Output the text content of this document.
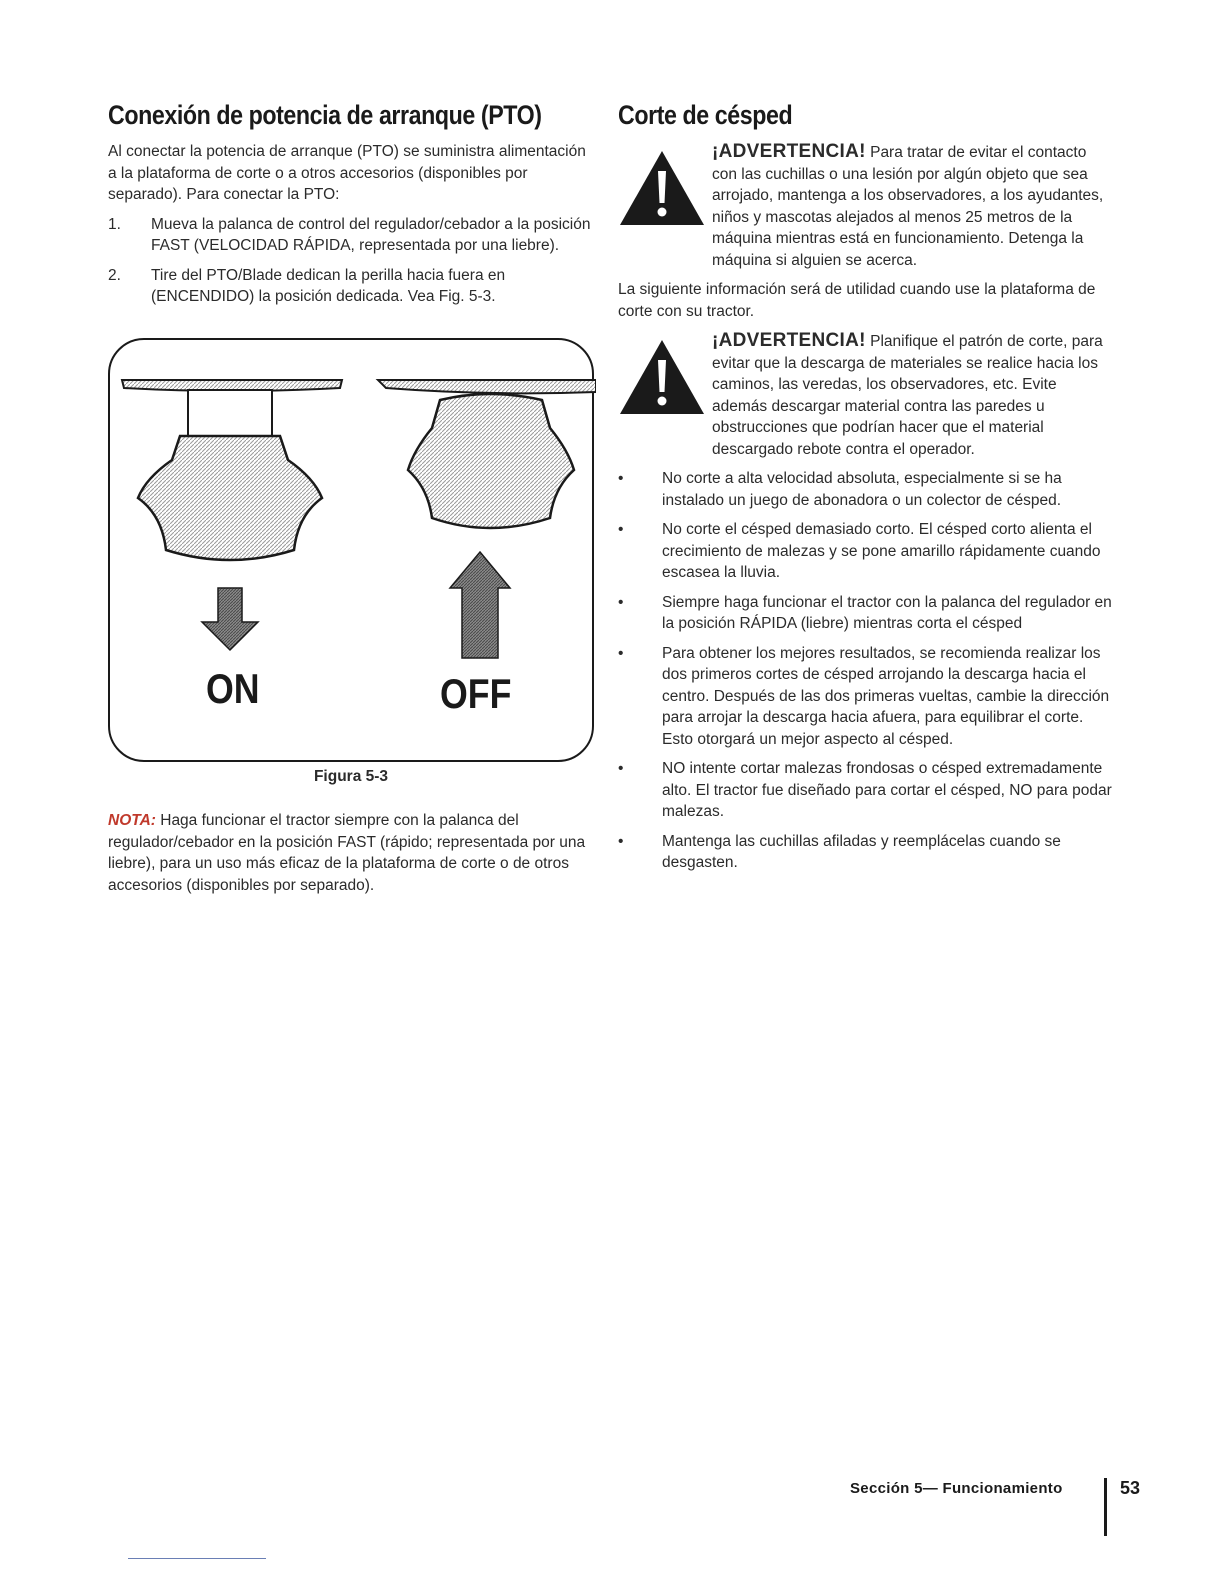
Conexión de potencia de arranque (PTO)

Al conectar la potencia de arranque (PTO) se suministra alimentación a la plataforma de corte o a otros accesorios (disponibles por separado). Para conectar la PTO:

1. Mueva la palanca de control del regulador/cebador a la posición FAST (VELOCIDAD RÁPIDA, representada por una liebre).
2. Tire del PTO/Blade dedican la perilla hacia fuera en (ENCENDIDO) la posición dedicada. Vea Fig. 5-3.
ON	OFF
Figura 5-3

NOTA: Haga funcionar el tractor siempre con la palanca del regulador/cebador en la posición FAST (rápido; representada por una liebre), para un uso más eficaz de la plataforma de corte o de otros accesorios (disponibles por separado).

Corte de césped

¡ADVERTENCIA! Para tratar de evitar el contacto con las cuchillas o una lesión por algún objeto que sea arrojado, mantenga a los observadores, a los ayudantes, niños y mascotas alejados al menos 25 metros de la máquina mientras está en funcionamiento. Detenga la máquina si alguien se acerca.

La siguiente información será de utilidad cuando use la plataforma de corte con su tractor.

¡ADVERTENCIA! Planifique el patrón de corte, para evitar que la descarga de materiales se realice hacia los caminos, las veredas, los observadores, etc. Evite además descargar material contra las paredes u obstrucciones que podrían hacer que el material descargado rebote contra el operador.

• No corte a alta velocidad absoluta, especialmente si se ha instalado un juego de abonadora o un colector de césped.
• No corte el césped demasiado corto. El césped corto alienta el crecimiento de malezas y se pone amarillo rápidamente cuando escasea la lluvia.
• Siempre haga funcionar el tractor con la palanca del regulador en la posición RÁPIDA (liebre) mientras corta el césped
• Para obtener los mejores resultados, se recomienda realizar los dos primeros cortes de césped arrojando la descarga hacia el centro. Después de las dos primeras vueltas, cambie la dirección para arrojar la descarga hacia afuera, para equilibrar el corte. Esto otorgará un mejor aspecto al césped.
• NO intente cortar malezas frondosas o césped extremadamente alto. El tractor fue diseñado para cortar el césped, NO para podar malezas.
• Mantenga las cuchillas afiladas y reemplácelas cuando se desgasten.
Sección 5— Funcionamiento	53
